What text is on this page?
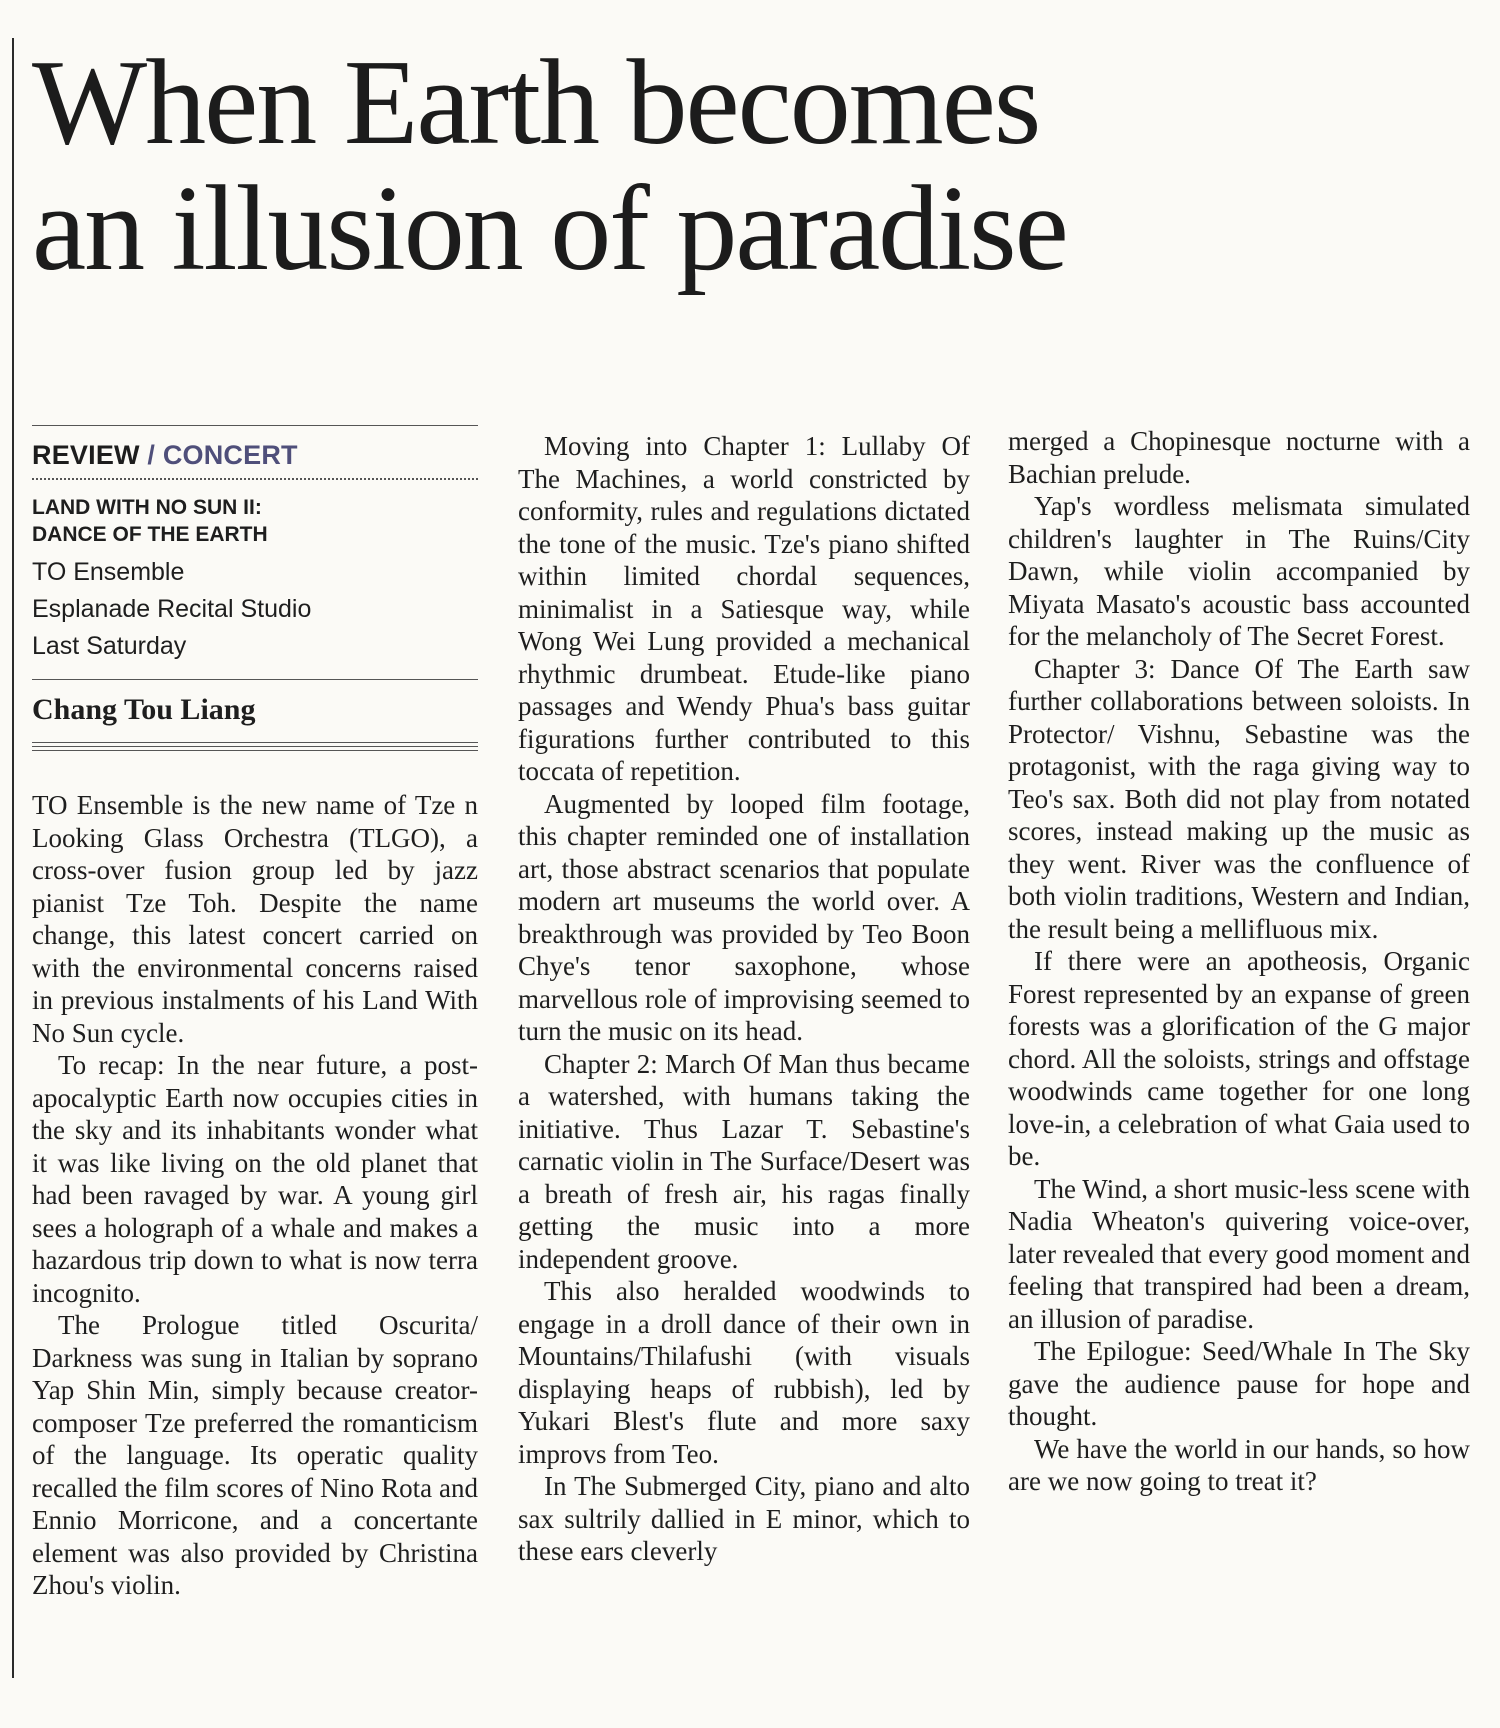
When Earth becomes
an illusion of paradise
REVIEW / CONCERT
LAND WITH NO SUN II:
DANCE OF THE EARTH
TO Ensemble
Esplanade Recital Studio
Last Saturday
Chang Tou Liang

TO Ensemble is the new name of Tze n Looking Glass Orchestra (TLGO), a cross-over fusion group led by jazz pianist Tze Toh. Despite the name change, this latest concert carried on with the environmental concerns raised in previous instalments of his Land With No Sun cycle.

To recap: In the near future, a post-apocalyptic Earth now occupies cities in the sky and its inhabitants wonder what it was like living on the old planet that had been ravaged by war. A young girl sees a holograph of a whale and makes a hazardous trip down to what is now terra incognito.

The Prologue titled Oscurita/ Darkness was sung in Italian by soprano Yap Shin Min, simply because creator-composer Tze preferred the romanticism of the language. Its operatic quality recalled the film scores of Nino Rota and Ennio Morricone, and a concertante element was also provided by Christina Zhou's violin.

Moving into Chapter 1: Lullaby Of The Machines, a world constricted by conformity, rules and regulations dictated the tone of the music. Tze's piano shifted within limited chordal sequences, minimalist in a Satiesque way, while Wong Wei Lung provided a mechanical rhythmic drumbeat. Etude-like piano passages and Wendy Phua's bass guitar figurations further contributed to this toccata of repetition.

Augmented by looped film footage, this chapter reminded one of installation art, those abstract scenarios that populate modern art museums the world over. A breakthrough was provided by Teo Boon Chye's tenor saxophone, whose marvellous role of improvising seemed to turn the music on its head.

Chapter 2: March Of Man thus became a watershed, with humans taking the initiative. Thus Lazar T. Sebastine's carnatic violin in The Surface/Desert was a breath of fresh air, his ragas finally getting the music into a more independent groove.

This also heralded woodwinds to engage in a droll dance of their own in Mountains/Thilafushi (with visuals displaying heaps of rubbish), led by Yukari Blest's flute and more saxy improvs from Teo.

In The Submerged City, piano and alto sax sultrily dallied in E minor, which to these ears cleverly

merged a Chopinesque nocturne with a Bachian prelude.

Yap's wordless melismata simulated children's laughter in The Ruins/City Dawn, while violin accompanied by Miyata Masato's acoustic bass accounted for the melancholy of The Secret Forest.

Chapter 3: Dance Of The Earth saw further collaborations between soloists. In Protector/ Vishnu, Sebastine was the protagonist, with the raga giving way to Teo's sax. Both did not play from notated scores, instead making up the music as they went. River was the confluence of both violin traditions, Western and Indian, the result being a mellifluous mix.

If there were an apotheosis, Organic Forest represented by an expanse of green forests was a glorification of the G major chord. All the soloists, strings and offstage woodwinds came together for one long love-in, a celebration of what Gaia used to be.

The Wind, a short music-less scene with Nadia Wheaton's quivering voice-over, later revealed that every good moment and feeling that transpired had been a dream, an illusion of paradise.

The Epilogue: Seed/Whale In The Sky gave the audience pause for hope and thought.

We have the world in our hands, so how are we now going to treat it?
